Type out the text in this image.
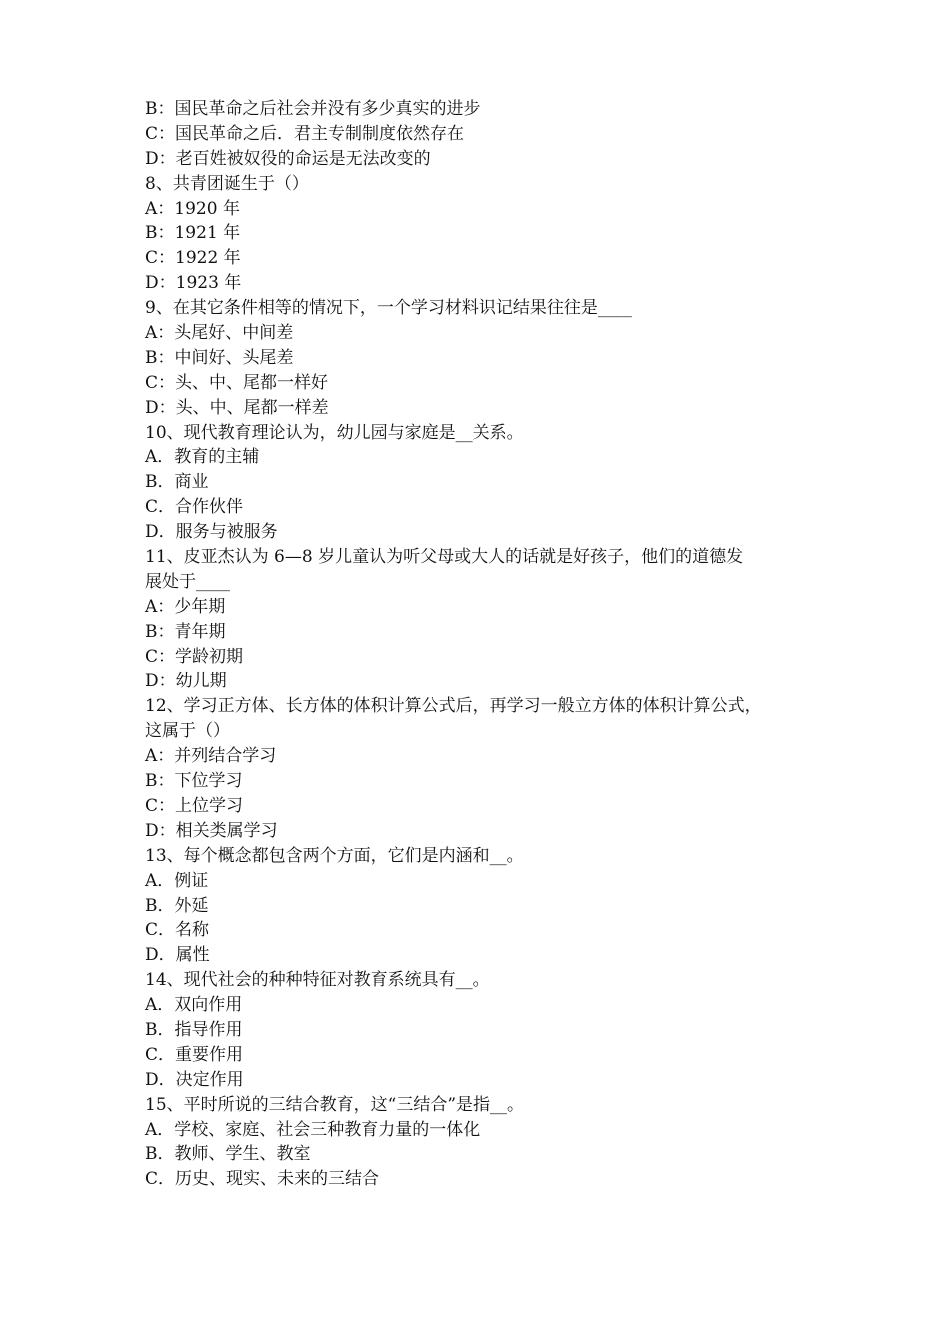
B：国民革命之后社会并没有多少真实的进步
C：国民革命之后．君主专制制度依然存在
D：老百姓被奴役的命运是无法改变的
8、共青团诞生于（）
A：1920 年
B：1921 年
C：1922 年
D：1923 年
9、在其它条件相等的情况下，一个学习材料识记结果往往是____
A：头尾好、中间差
B：中间好、头尾差
C：头、中、尾都一样好
D：头、中、尾都一样差
10、现代教育理论认为，幼儿园与家庭是__关系。
A．教育的主辅
B．商业
C．合作伙伴
D．服务与被服务
11、皮亚杰认为 6—8 岁儿童认为听父母或大人的话就是好孩子，他们的道德发
展处于____
A：少年期
B：青年期
C：学龄初期
D：幼儿期
12、学习正方体、长方体的体积计算公式后，再学习一般立方体的体积计算公式，
这属于（）
A：并列结合学习
B：下位学习
C：上位学习
D：相关类属学习
13、每个概念都包含两个方面，它们是内涵和__。
A．例证
B．外延
C．名称
D．属性
14、现代社会的种种特征对教育系统具有__。
A．双向作用
B．指导作用
C．重要作用
D．决定作用
15、平时所说的三结合教育，这“三结合”是指__。
A．学校、家庭、社会三种教育力量的一体化
B．教师、学生、教室
C．历史、现实、未来的三结合
